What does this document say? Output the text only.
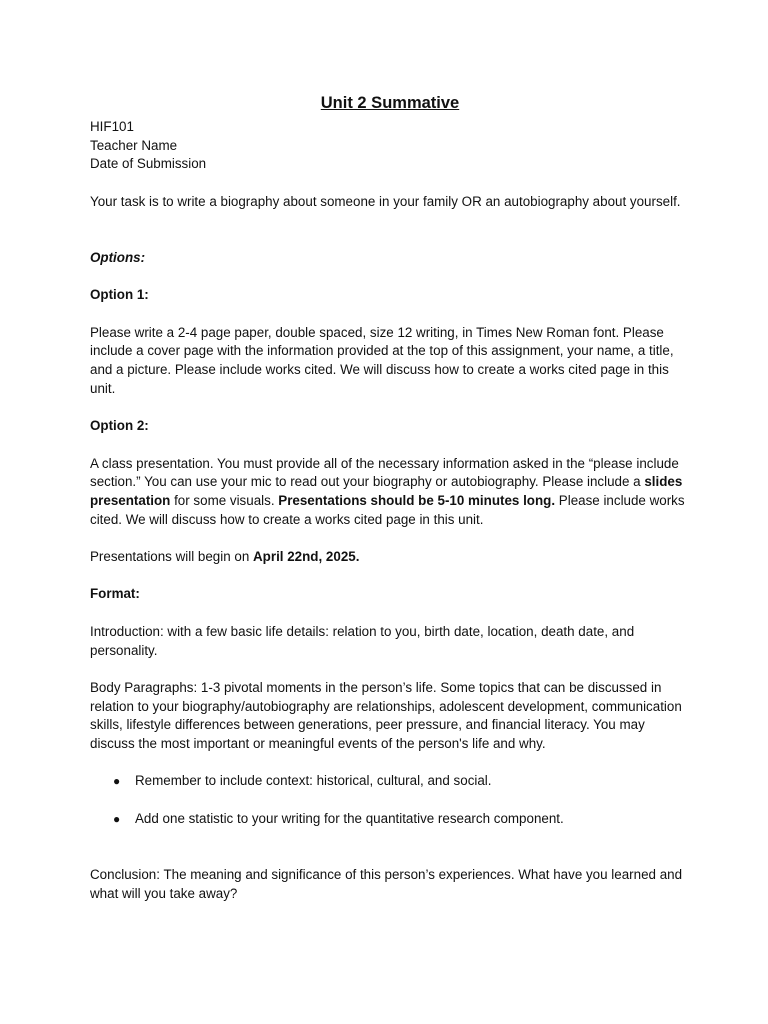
Unit 2 Summative

HIF101

Teacher Name

Date of Submission

Your task is to write a biography about someone in your family OR an autobiography about yourself.

Options:

Option 1:

Please write a 2-4 page paper, double spaced, size 12 writing, in Times New Roman font. Please include a cover page with the information provided at the top of this assignment, your name, a title, and a picture. Please include works cited. We will discuss how to create a works cited page in this unit.

Option 2:

A class presentation. You must provide all of the necessary information asked in the “please include section.” You can use your mic to read out your biography or autobiography. Please include a slides presentation for some visuals. Presentations should be 5-10 minutes long. Please include works cited. We will discuss how to create a works cited page in this unit.

Presentations will begin on April 22nd, 2025.

Format:

Introduction: with a few basic life details: relation to you, birth date, location, death date, and personality.

Body Paragraphs: 1-3 pivotal moments in the person’s life. Some topics that can be discussed in relation to your biography/autobiography are relationships, adolescent development, communication skills, lifestyle differences between generations, peer pressure, and financial literacy. You may discuss the most important or meaningful events of the person's life and why.

● Remember to include context: historical, cultural, and social.
● Add one statistic to your writing for the quantitative research component.

Conclusion: The meaning and significance of this person’s experiences. What have you learned and what will you take away?
